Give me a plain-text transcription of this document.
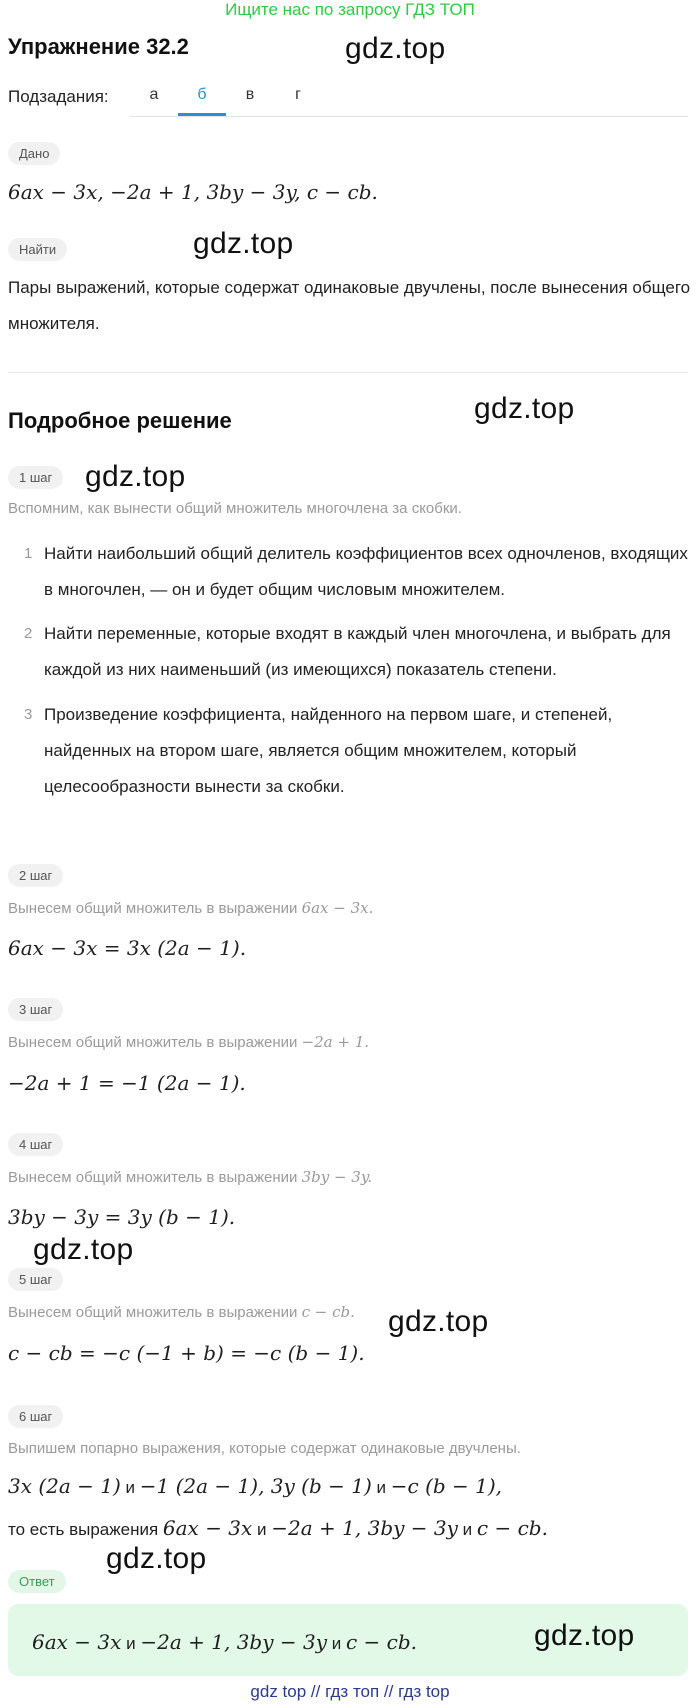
Ищите нас по запросу ГДЗ ТОП
Упражнение 32.2	gdz.top
Подзадания:	а	б	в	г
Дано
6ax − 3x, −2a + 1, 3by − 3y, c − cb.
Найти	gdz.top
Пары выражений, которые содержат одинаковые двучлены, после вынесения общего множителя.
Подробное решение	gdz.top
1 шаг	gdz.top
Вспомним, как вынести общий множитель многочлена за скобки.
1 Найти наибольший общий делитель коэффициентов всех одночленов, входящих в многочлен, — он и будет общим числовым множителем.
2 Найти переменные, которые входят в каждый член многочлена, и выбрать для каждой из них наименьший (из имеющихся) показатель степени.
3 Произведение коэффициента, найденного на первом шаге, и степеней, найденных на втором шаге, является общим множителем, который целесообразности вынести за скобки.
2 шаг
Вынесем общий множитель в выражении 6ax − 3x.
6ax − 3x = 3x (2a − 1).
3 шаг
Вынесем общий множитель в выражении −2a + 1.
−2a + 1 = −1 (2a − 1).
4 шаг
Вынесем общий множитель в выражении 3by − 3y.
3by − 3y = 3y (b − 1).
gdz.top
5 шаг
Вынесем общий множитель в выражении c − cb. gdz.top
c − cb = −c (−1 + b) = −c (b − 1).
6 шаг
Выпишем попарно выражения, которые содержат одинаковые двучлены.
3x (2a − 1) и −1 (2a − 1), 3y (b − 1) и −c (b − 1),
то есть выражения 6ax − 3x и −2a + 1, 3by − 3y и c − cb.
Ответ
gdz.top
6ax − 3x и −2a + 1, 3by − 3y и c − cb.	gdz.top
gdz top // гдз топ // гдз top
